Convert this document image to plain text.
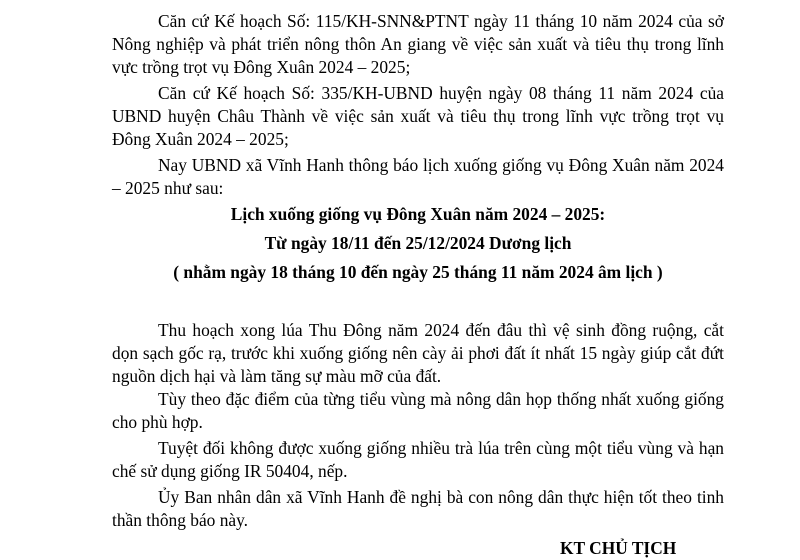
Căn cứ Kế hoạch Số: 115/KH-SNN&PTNT ngày 11 tháng 10 năm 2024 của sở Nông nghiệp và phát triển nông thôn An giang về việc sản xuất và tiêu thụ trong lĩnh vực trồng trọt vụ Đông Xuân 2024 – 2025;

Căn cứ Kế hoạch Số: 335/KH-UBND huyện ngày 08 tháng 11 năm 2024 của UBND huyện Châu Thành về việc sản xuất và tiêu thụ trong lĩnh vực trồng trọt vụ Đông Xuân 2024 – 2025;

Nay UBND xã Vĩnh Hanh thông báo lịch xuống giống vụ Đông Xuân năm 2024 – 2025 như sau:

Lịch xuống giống vụ Đông Xuân năm 2024 – 2025:

Từ ngày 18/11 đến 25/12/2024 Dương lịch

( nhằm ngày 18 tháng 10 đến ngày 25 tháng 11 năm 2024 âm lịch )

Thu hoạch xong lúa Thu Đông năm 2024 đến đâu thì vệ sinh đồng ruộng, cắt dọn sạch gốc rạ, trước khi xuống giống nên cày ải phơi đất ít nhất 15 ngày giúp cắt đứt nguồn dịch hại và làm tăng sự màu mỡ của đất.

Tùy theo đặc điểm của từng tiểu vùng mà nông dân họp thống nhất xuống giống cho phù hợp.

Tuyệt đối không được xuống giống nhiều trà lúa trên cùng một tiểu vùng và hạn chế sử dụng giống IR 50404, nếp.

Ủy Ban nhân dân xã Vĩnh Hanh đề nghị bà con nông dân thực hiện tốt theo tinh thần thông báo này.

KT CHỦ TỊCH
